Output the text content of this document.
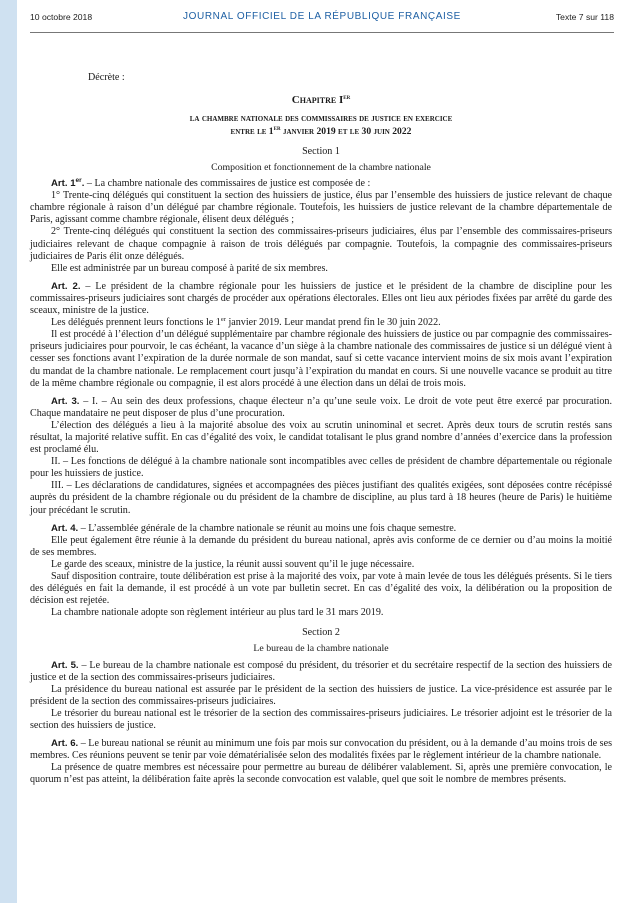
10 octobre 2018	JOURNAL OFFICIEL DE LA RÉPUBLIQUE FRANÇAISE	Texte 7 sur 118
Décrète :
Chapitre Ier
la chambre nationale des commissaires de justice en exercice
entre le 1er janvier 2019 et le 30 juin 2022
Section 1
Composition et fonctionnement de la chambre nationale

Art. 1er. – La chambre nationale des commissaires de justice est composée de :

1° Trente-cinq délégués qui constituent la section des huissiers de justice, élus par l’ensemble des huissiers de justice relevant de chaque chambre régionale à raison d’un délégué par chambre régionale. Toutefois, les huissiers de justice relevant de la chambre départementale de Paris, agissant comme chambre régionale, élisent deux délégués ;

2° Trente-cinq délégués qui constituent la section des commissaires-priseurs judiciaires, élus par l’ensemble des commissaires-priseurs judiciaires relevant de chaque compagnie à raison de trois délégués par compagnie. Toutefois, la compagnie des commissaires-priseurs judiciaires de Paris élit onze délégués.

Elle est administrée par un bureau composé à parité de six membres.

Art. 2. – Le président de la chambre régionale pour les huissiers de justice et le président de la chambre de discipline pour les commissaires-priseurs judiciaires sont chargés de procéder aux opérations électorales. Elles ont lieu aux périodes fixées par arrêté du garde des sceaux, ministre de la justice.

Les délégués prennent leurs fonctions le 1er janvier 2019. Leur mandat prend fin le 30 juin 2022.

Il est procédé à l’élection d’un délégué supplémentaire par chambre régionale des huissiers de justice ou par compagnie des commissaires-priseurs judiciaires pour pourvoir, le cas échéant, la vacance d’un siège à la chambre nationale des commissaires de justice si un délégué vient à cesser ses fonctions avant l’expiration de la durée normale de son mandat, sauf si cette vacance intervient moins de six mois avant l’expiration du mandat de la chambre nationale. Le remplacement court jusqu’à l’expiration du mandat en cours. Si une nouvelle vacance se produit au titre de la même chambre régionale ou compagnie, il est alors procédé à une élection dans un délai de trois mois.

Art. 3. – I. – Au sein des deux professions, chaque électeur n’a qu’une seule voix. Le droit de vote peut être exercé par procuration. Chaque mandataire ne peut disposer de plus d’une procuration.

L’élection des délégués a lieu à la majorité absolue des voix au scrutin uninominal et secret. Après deux tours de scrutin restés sans résultat, la majorité relative suffit. En cas d’égalité des voix, le candidat totalisant le plus grand nombre d’années d’exercice dans la profession est proclamé élu.

II. – Les fonctions de délégué à la chambre nationale sont incompatibles avec celles de président de chambre départementale ou régionale pour les huissiers de justice.

III. – Les déclarations de candidatures, signées et accompagnées des pièces justifiant des qualités exigées, sont déposées contre récépissé auprès du président de la chambre régionale ou du président de la chambre de discipline, au plus tard à 18 heures (heure de Paris) le huitième jour précédant le scrutin.

Art. 4. – L’assemblée générale de la chambre nationale se réunit au moins une fois chaque semestre.

Elle peut également être réunie à la demande du président du bureau national, après avis conforme de ce dernier ou d’au moins la moitié de ses membres.

Le garde des sceaux, ministre de la justice, la réunit aussi souvent qu’il le juge nécessaire.

Sauf disposition contraire, toute délibération est prise à la majorité des voix, par vote à main levée de tous les délégués présents. Si le tiers des délégués en fait la demande, il est procédé à un vote par bulletin secret. En cas d’égalité des voix, la délibération ou la proposition de décision est rejetée.

La chambre nationale adopte son règlement intérieur au plus tard le 31 mars 2019.

Section 2
Le bureau de la chambre nationale

Art. 5. – Le bureau de la chambre nationale est composé du président, du trésorier et du secrétaire respectif de la section des huissiers de justice et de la section des commissaires-priseurs judiciaires.

La présidence du bureau national est assurée par le président de la section des huissiers de justice. La vice-présidence est assurée par le président de la section des commissaires-priseurs judiciaires.

Le trésorier du bureau national est le trésorier de la section des commissaires-priseurs judiciaires. Le trésorier adjoint est le trésorier de la section des huissiers de justice.

Art. 6. – Le bureau national se réunit au minimum une fois par mois sur convocation du président, ou à la demande d’au moins trois de ses membres. Ces réunions peuvent se tenir par voie dématérialisée selon des modalités fixées par le règlement intérieur de la chambre nationale.

La présence de quatre membres est nécessaire pour permettre au bureau de délibérer valablement. Si, après une première convocation, le quorum n’est pas atteint, la délibération faite après la seconde convocation est valable, quel que soit le nombre de membres présents.
